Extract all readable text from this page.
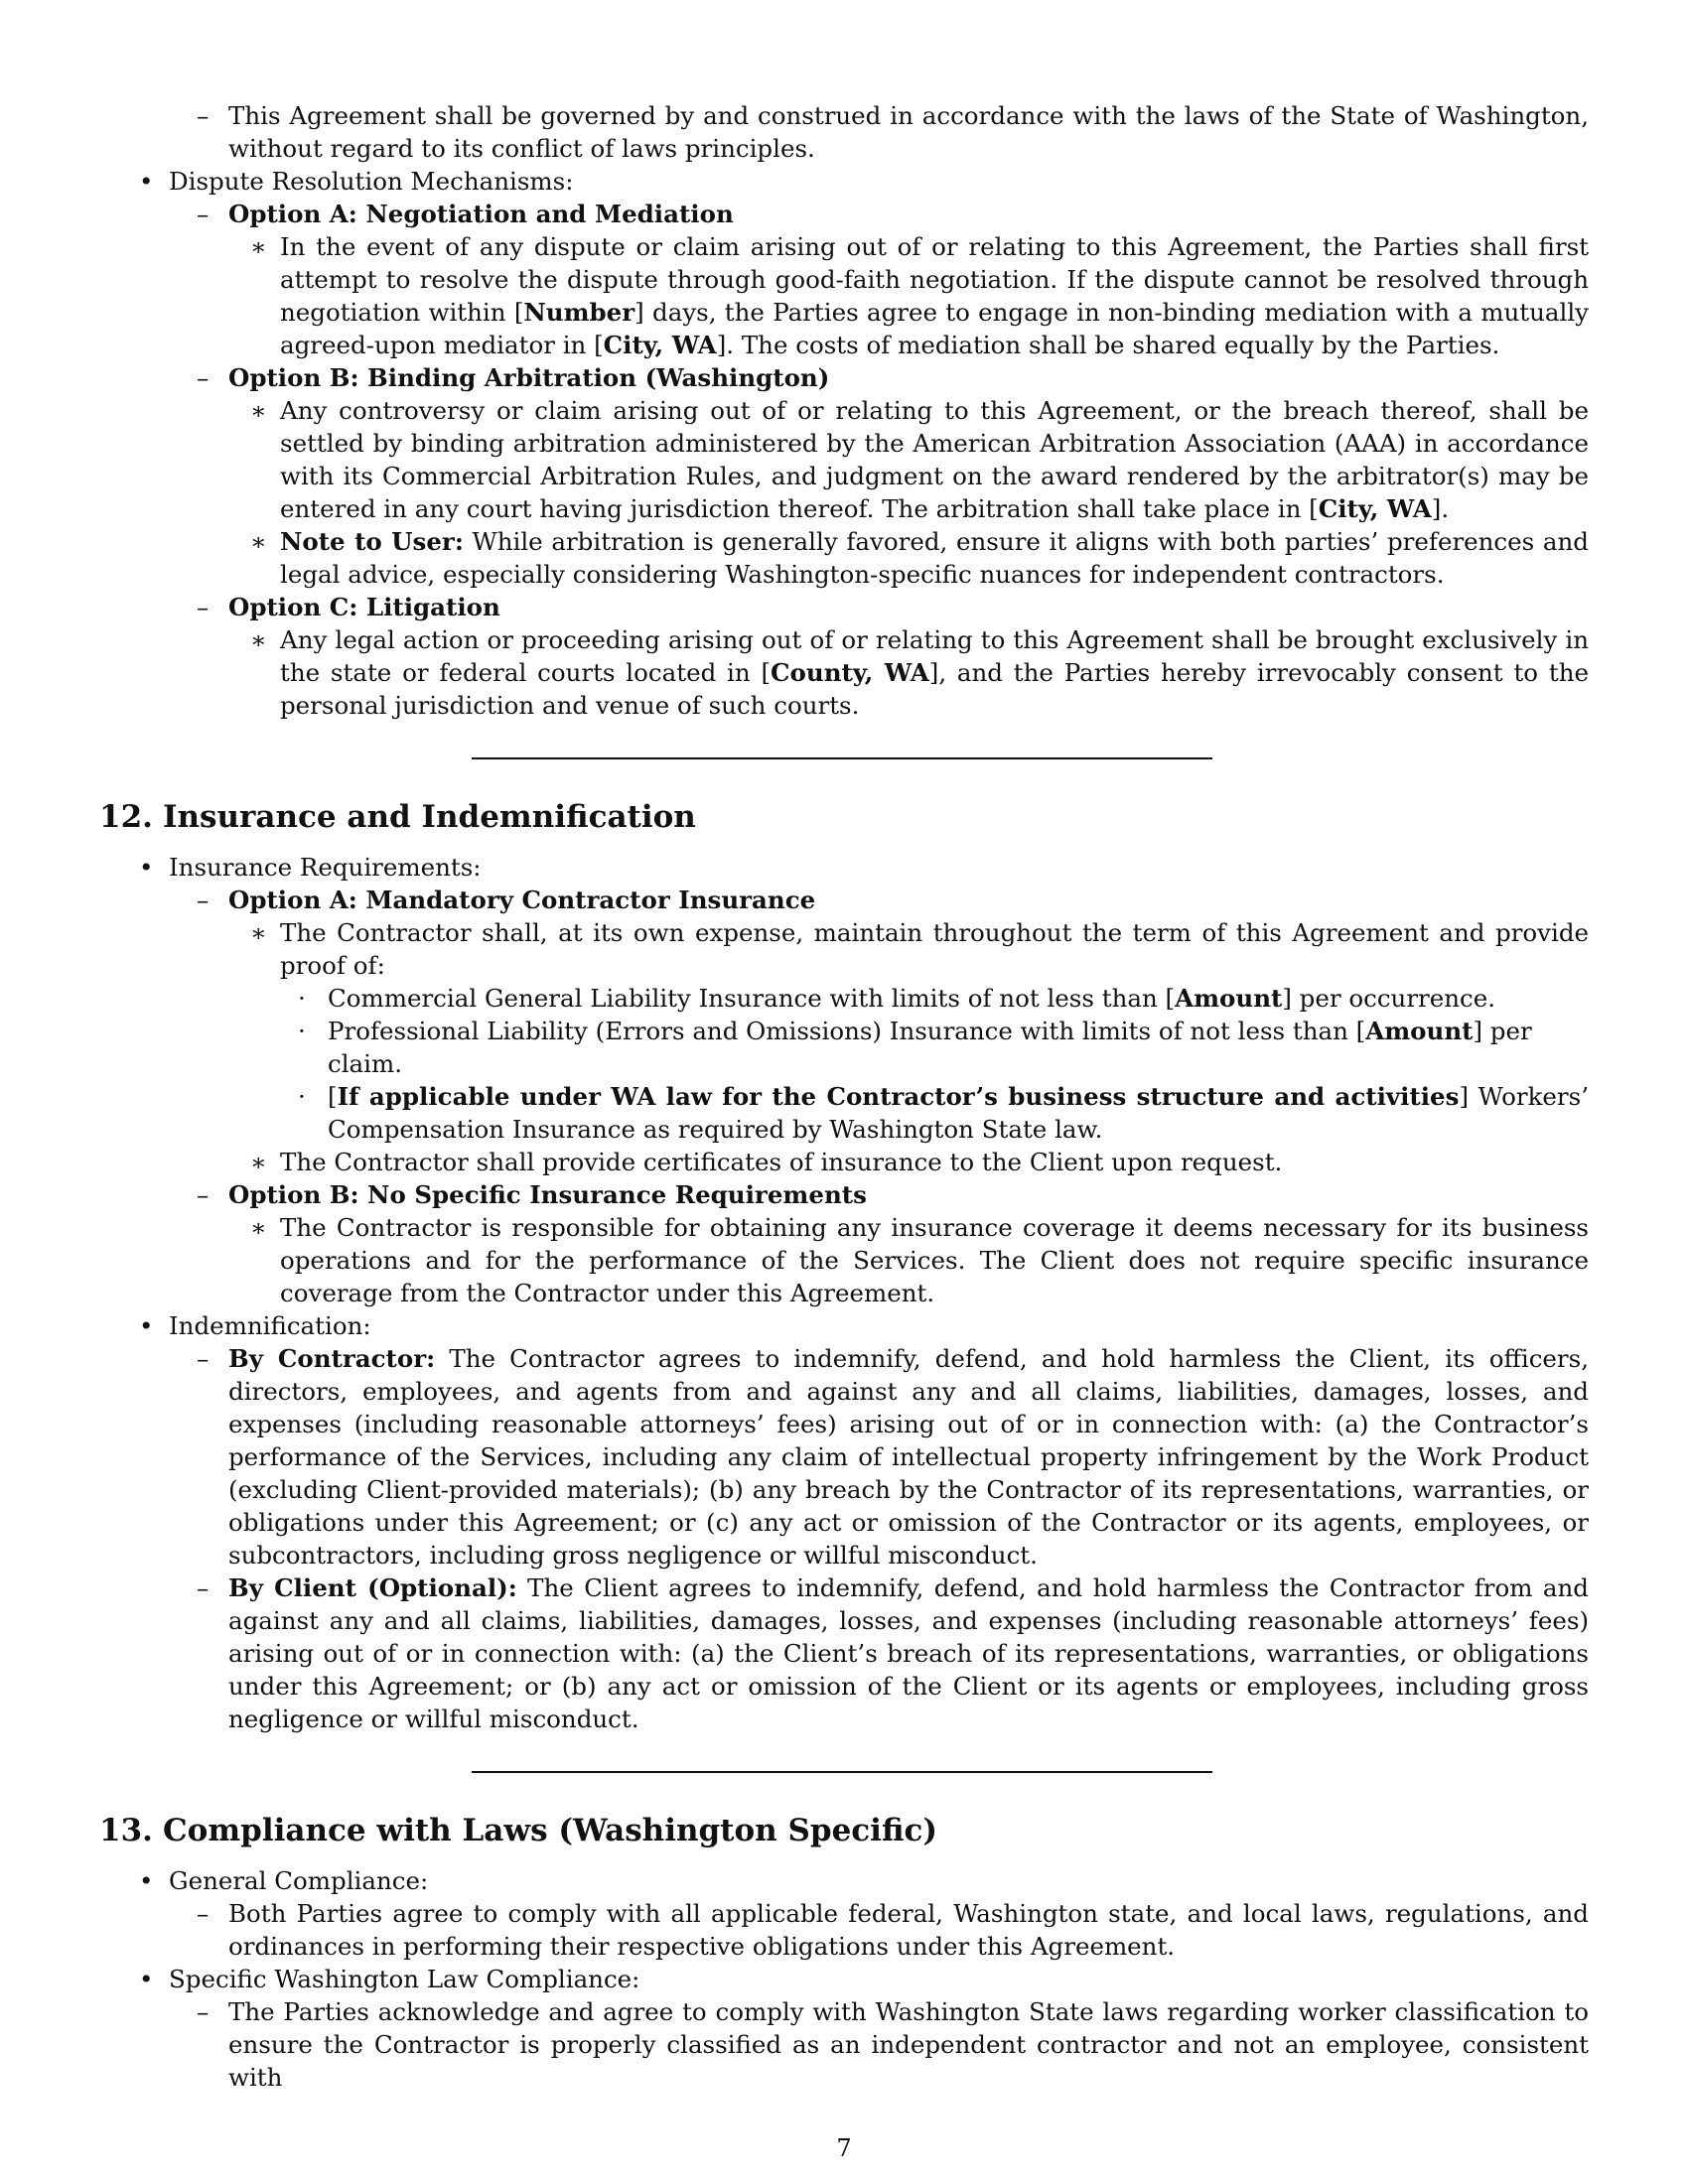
– This Agreement shall be governed by and construed in accordance with the laws of the State of Washington, without regard to its conflict of laws principles.
• Dispute Resolution Mechanisms:
– Option A: Negotiation and Mediation
∗ In the event of any dispute or claim arising out of or relating to this Agreement, the Parties shall first attempt to resolve the dispute through good-faith negotiation. If the dispute cannot be resolved through negotiation within [Number] days, the Parties agree to engage in non-binding mediation with a mutually agreed-upon mediator in [City, WA]. The costs of mediation shall be shared equally by the Parties.
– Option B: Binding Arbitration (Washington)
∗ Any controversy or claim arising out of or relating to this Agreement, or the breach thereof, shall be settled by binding arbitration administered by the American Arbitration Association (AAA) in accordance with its Commercial Arbitration Rules, and judgment on the award rendered by the arbitrator(s) may be entered in any court having jurisdiction thereof. The arbitration shall take place in [City, WA].
∗ Note to User: While arbitration is generally favored, ensure it aligns with both parties’ preferences and legal advice, especially considering Washington-specific nuances for independent contractors.
– Option C: Litigation
∗ Any legal action or proceeding arising out of or relating to this Agreement shall be brought exclusively in the state or federal courts located in [County, WA], and the Parties hereby irrevocably consent to the personal jurisdiction and venue of such courts.
12. Insurance and Indemnification
• Insurance Requirements:
– Option A: Mandatory Contractor Insurance
∗ The Contractor shall, at its own expense, maintain throughout the term of this Agreement and provide proof of:
· Commercial General Liability Insurance with limits of not less than [Amount] per occurrence.
· Professional Liability (Errors and Omissions) Insurance with limits of not less than [Amount] per claim.
· [If applicable under WA law for the Contractor’s business structure and activities] Workers’ Compensation Insurance as required by Washington State law.
∗ The Contractor shall provide certificates of insurance to the Client upon request.
– Option B: No Specific Insurance Requirements
∗ The Contractor is responsible for obtaining any insurance coverage it deems necessary for its business operations and for the performance of the Services. The Client does not require specific insurance coverage from the Contractor under this Agreement.
• Indemnification:
– By Contractor: The Contractor agrees to indemnify, defend, and hold harmless the Client, its officers, directors, employees, and agents from and against any and all claims, liabilities, damages, losses, and expenses (including reasonable attorneys’ fees) arising out of or in connection with: (a) the Contractor’s performance of the Services, including any claim of intellectual property infringement by the Work Product (excluding Client-provided materials); (b) any breach by the Contractor of its representations, warranties, or obligations under this Agreement; or (c) any act or omission of the Contractor or its agents, employees, or subcontractors, including gross negligence or willful misconduct.
– By Client (Optional): The Client agrees to indemnify, defend, and hold harmless the Contractor from and against any and all claims, liabilities, damages, losses, and expenses (including reasonable attorneys’ fees) arising out of or in connection with: (a) the Client’s breach of its representations, warranties, or obligations under this Agreement; or (b) any act or omission of the Client or its agents or employees, including gross negligence or willful misconduct.
13. Compliance with Laws (Washington Specific)
• General Compliance:
– Both Parties agree to comply with all applicable federal, Washington state, and local laws, regulations, and ordinances in performing their respective obligations under this Agreement.
• Specific Washington Law Compliance:
– The Parties acknowledge and agree to comply with Washington State laws regarding worker classification to ensure the Contractor is properly classified as an independent contractor and not an employee, consistent with
7
